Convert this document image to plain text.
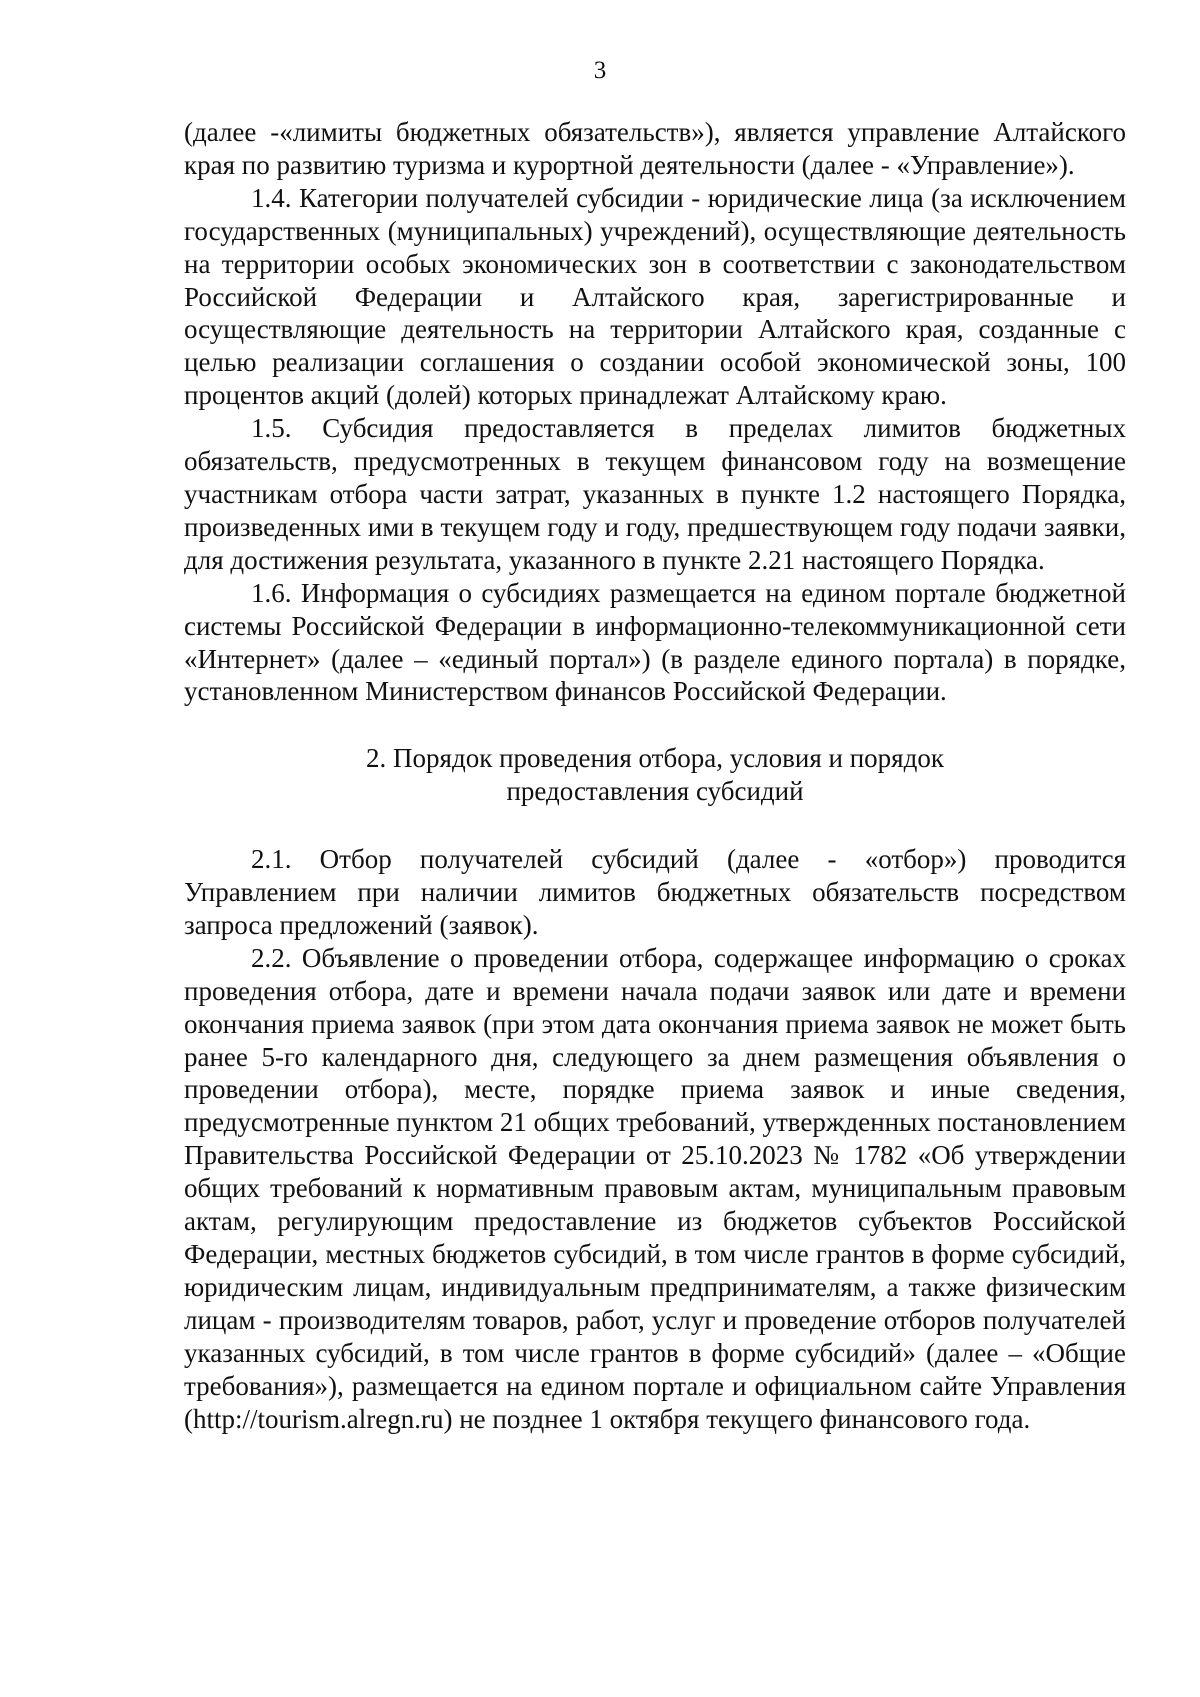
3

(далее -«лимиты бюджетных обязательств»), является управление Алтайского края по развитию туризма и курортной деятельности (далее - «Управление»).

1.4. Категории получателей субсидии - юридические лица (за исключением государственных (муниципальных) учреждений), осуществляющие деятельность на территории особых экономических зон в соответствии с законодательством Российской Федерации и Алтайского края, зарегистрированные и осуществляющие деятельность на территории Алтайского края, созданные с целью реализации соглашения о создании особой экономической зоны, 100 процентов акций (долей) которых принадлежат Алтайскому краю.

1.5. Субсидия предоставляется в пределах лимитов бюджетных обязательств, предусмотренных в текущем финансовом году на возмещение участникам отбора части затрат, указанных в пункте 1.2 настоящего Порядка, произведенных ими в текущем году и году, предшествующем году подачи заявки, для достижения результата, указанного в пункте 2.21 настоящего Порядка.

1.6. Информация о субсидиях размещается на едином портале бюджетной системы Российской Федерации в информационно-телекоммуникационной сети «Интернет» (далее – «единый портал») (в разделе единого портала) в порядке, установленном Министерством финансов Российской Федерации.

2. Порядок проведения отбора, условия и порядок
предоставления субсидий

2.1. Отбор получателей субсидий (далее - «отбор») проводится Управлением при наличии лимитов бюджетных обязательств посредством запроса предложений (заявок).

2.2. Объявление о проведении отбора, содержащее информацию о сроках проведения отбора, дате и времени начала подачи заявок или дате и времени окончания приема заявок (при этом дата окончания приема заявок не может быть ранее 5-го календарного дня, следующего за днем размещения объявления о проведении отбора), месте, порядке приема заявок и иные сведения, предусмотренные пунктом 21 общих требований, утвержденных постановлением Правительства Российской Федерации от 25.10.2023 № 1782 «Об утверждении общих требований к нормативным правовым актам, муниципальным правовым актам, регулирующим предоставление из бюджетов субъектов Российской Федерации, местных бюджетов субсидий, в том числе грантов в форме субсидий, юридическим лицам, индивидуальным предпринимателям, а также физическим лицам - производителям товаров, работ, услуг и проведение отборов получателей указанных субсидий, в том числе грантов в форме субсидий» (далее – «Общие требования»), размещается на едином портале и официальном сайте Управления (http://tourism.alregn.ru) не позднее 1 октября текущего финансового года.
